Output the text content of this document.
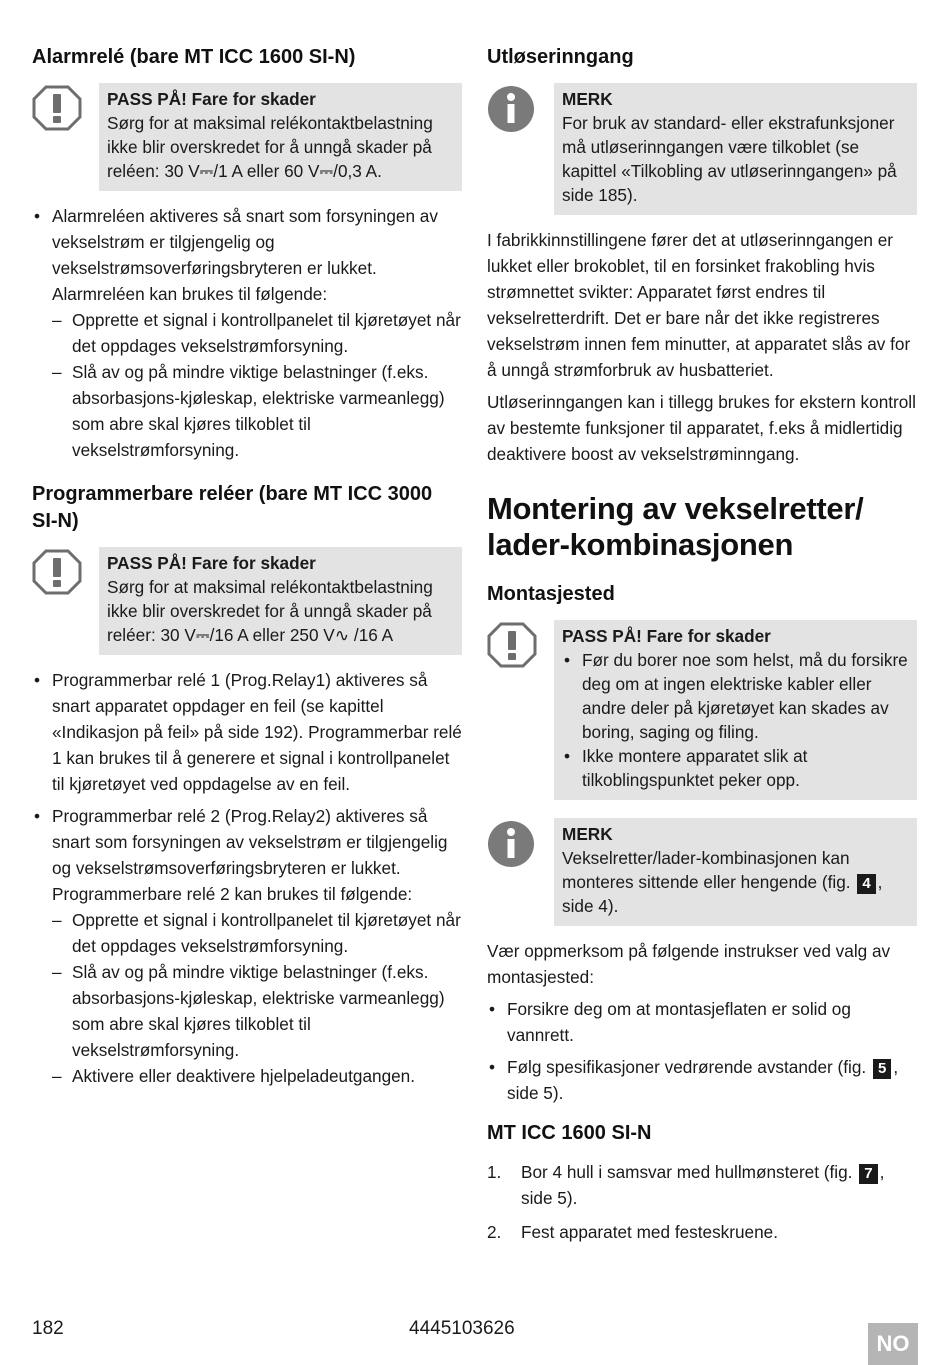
Alarmrelé (bare MT ICC 1600 SI-N)
PASS PÅ! Fare for skader
Sørg for at maksimal relékontaktbelastning ikke blir overskredet for å unngå skader på reléen: 30 V⎓/1 A eller 60 V⎓/0,3 A.
• Alarmreléen aktiveres så snart som forsyningen av vekselstrøm er tilgjengelig og vekselstrømsoverføringsbryteren er lukket. Alarmreléen kan brukes til følgende:
– Opprette et signal i kontrollpanelet til kjøretøyet når det oppdages vekselstrømforsyning.
– Slå av og på mindre viktige belastninger (f.eks. absorbasjons-kjøleskap, elektriske varmeanlegg) som abre skal kjøres tilkoblet til vekselstrømforsyning.
Programmerbare reléer (bare MT ICC 3000 SI-N)
PASS PÅ! Fare for skader
Sørg for at maksimal relékontaktbelastning ikke blir overskredet for å unngå skader på reléer: 30 V⎓/16 A eller 250 V∿ /16 A
• Programmerbar relé 1 (Prog.Relay1) aktiveres så snart apparatet oppdager en feil (se kapittel «Indikasjon på feil» på side 192). Programmerbar relé 1 kan brukes til å generere et signal i kontrollpanelet til kjøretøyet ved oppdagelse av en feil.
• Programmerbar relé 2 (Prog.Relay2) aktiveres så snart som forsyningen av vekselstrøm er tilgjengelig og vekselstrømsoverføringsbryteren er lukket. Programmerbare relé 2 kan brukes til følgende:
– Opprette et signal i kontrollpanelet til kjøretøyet når det oppdages vekselstrømforsyning.
– Slå av og på mindre viktige belastninger (f.eks. absorbasjons-kjøleskap, elektriske varmeanlegg) som abre skal kjøres tilkoblet til vekselstrømforsyning.
– Aktivere eller deaktivere hjelpeladeutgangen.
Utløserinngang
MERK
For bruk av standard- eller ekstrafunksjoner må utløserinngangen være tilkoblet (se kapittel «Tilkobling av utløserinngangen» på side 185).

I fabrikkinnstillingene fører det at utløserinngangen er lukket eller brokoblet, til en forsinket frakobling hvis strømnettet svikter: Apparatet først endres til vekselretterdrift. Det er bare når det ikke registreres vekselstrøm innen fem minutter, at apparatet slås av for å unngå strømforbruk av husbatteriet.

Utløserinngangen kan i tillegg brukes for ekstern kontroll av bestemte funksjoner til apparatet, f.eks å midlertidig deaktivere boost av vekselstrøminngang.

Montering av vekselretter/ lader-kombinasjonen
Montasjested
PASS PÅ! Fare for skader
• Før du borer noe som helst, må du forsikre deg om at ingen elektriske kabler eller andre deler på kjøretøyet kan skades av boring, saging og filing.
• Ikke montere apparatet slik at tilkoblingspunktet peker opp.
MERK
Vekselretter/lader-kombinasjonen kan monteres sittende eller hengende (fig. 4 , side 4).

Vær oppmerksom på følgende instrukser ved valg av montasjested:

• Forsikre deg om at montasjeflaten er solid og vannrett.
• Følg spesifikasjoner vedrørende avstander (fig. 5 , side 5).
MT ICC 1600 SI-N
1. Bor 4 hull i samsvar med hullmønsteret (fig. 7 , side 5).
2. Fest apparatet med festeskruene.
182	4445103626
NO
